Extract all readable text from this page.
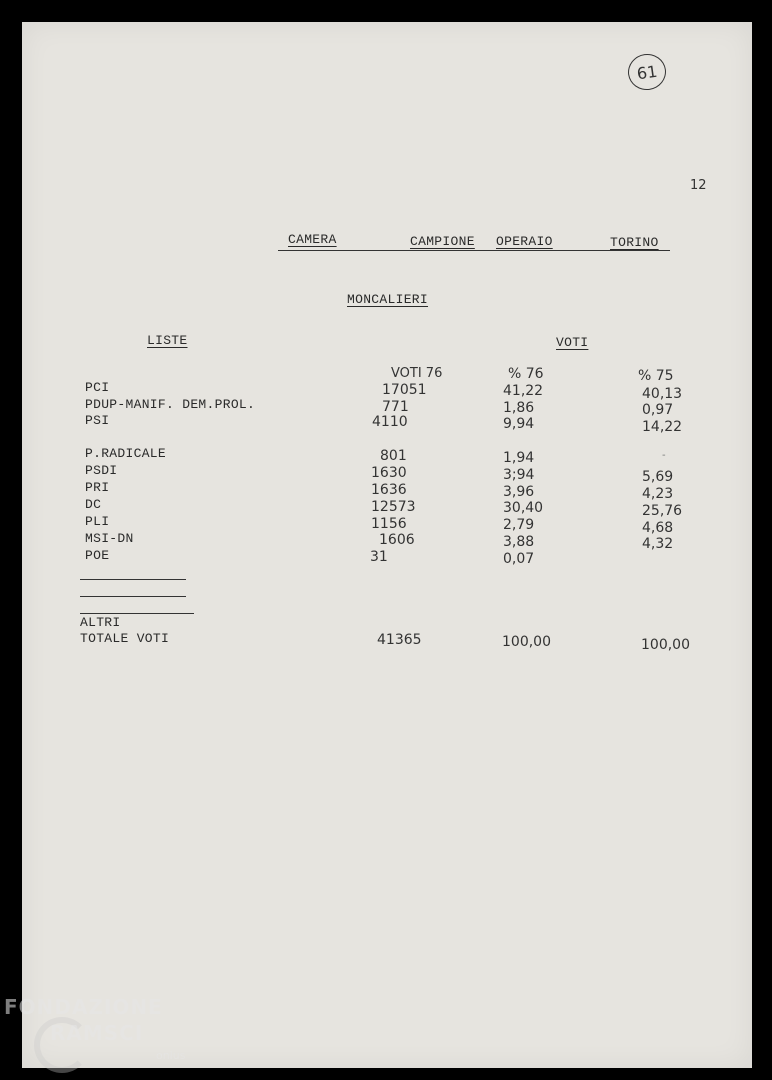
61
12
CAMERA	CAMPIONE OPERAIO	TORINO
MONCALIERI
LISTE	VOTI
VOTI 76	% 76	% 75
PCI	17051	41,22	40,13
PDUP-MANIF. DEM.PROL.	771	1,86	0,97
PSI	4110	9,94	14,22
P.RADICALE	801	1,94	-
PSDI	1630	3;94	5,69
PRI	1636	3,96	4,23
DC	12573	30,40	25,76
PLI	1156	2,79	4,68
MSI-DN	1606	3,88	4,32
POE	31	0,07
ALTRI
TOTALE VOTI	41365	100,00	100,00
FONDAZIONE
RAMSCI
onlus
